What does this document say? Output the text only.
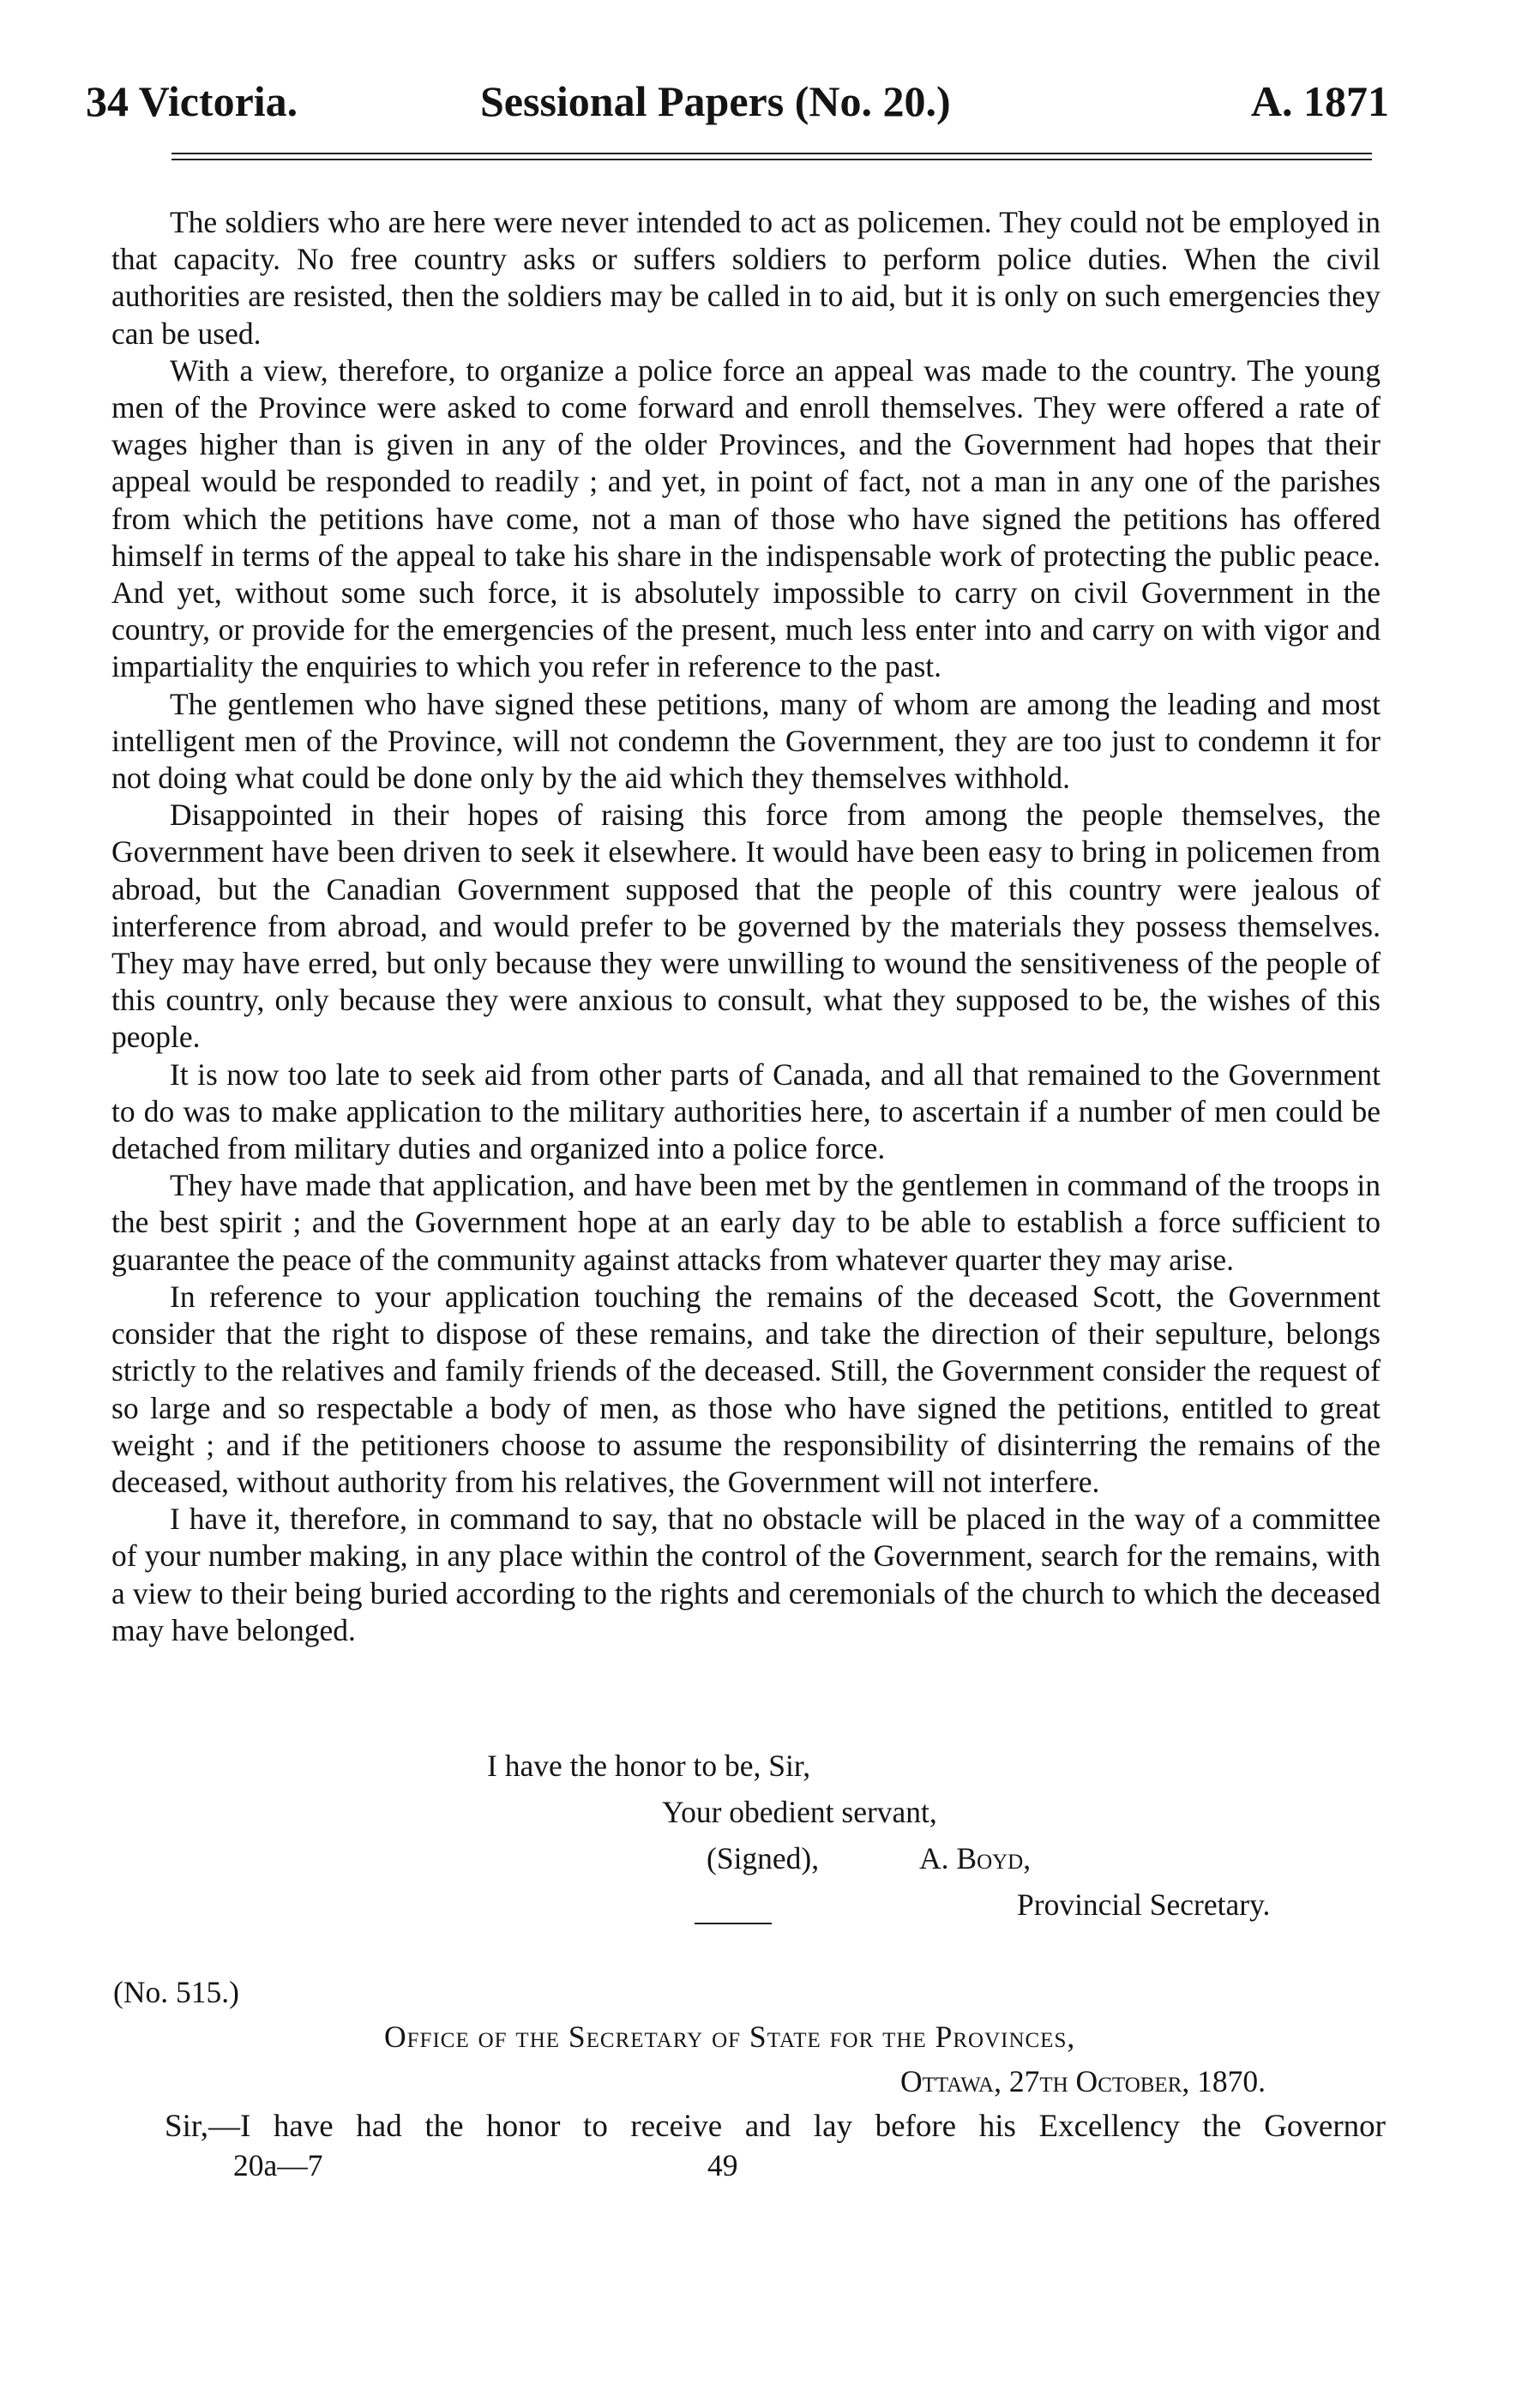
34 Victoria.	Sessional Papers (No. 20.)	A. 1871

The soldiers who are here were never intended to act as policemen. They could not be employed in that capacity. No free country asks or suffers soldiers to perform police duties. When the civil authorities are resisted, then the soldiers may be called in to aid, but it is only on such emergencies they can be used.

With a view, therefore, to organize a police force an appeal was made to the country. The young men of the Province were asked to come forward and enroll themselves. They were offered a rate of wages higher than is given in any of the older Provinces, and the Government had hopes that their appeal would be responded to readily ; and yet, in point of fact, not a man in any one of the parishes from which the petitions have come, not a man of those who have signed the petitions has offered himself in terms of the appeal to take his share in the indispensable work of protecting the public peace. And yet, without some such force, it is absolutely impossible to carry on civil Government in the country, or provide for the emergencies of the present, much less enter into and carry on with vigor and impartiality the enquiries to which you refer in reference to the past.

The gentlemen who have signed these petitions, many of whom are among the leading and most intelligent men of the Province, will not condemn the Government, they are too just to condemn it for not doing what could be done only by the aid which they themselves withhold.

Disappointed in their hopes of raising this force from among the people themselves, the Government have been driven to seek it elsewhere. It would have been easy to bring in policemen from abroad, but the Canadian Government supposed that the people of this country were jealous of interference from abroad, and would prefer to be governed by the materials they possess themselves. They may have erred, but only because they were unwilling to wound the sensitiveness of the people of this country, only because they were anxious to consult, what they supposed to be, the wishes of this people.

It is now too late to seek aid from other parts of Canada, and all that remained to the Government to do was to make application to the military authorities here, to ascertain if a number of men could be detached from military duties and organized into a police force.

They have made that application, and have been met by the gentlemen in command of the troops in the best spirit ; and the Government hope at an early day to be able to establish a force sufficient to guarantee the peace of the community against attacks from whatever quarter they may arise.

In reference to your application touching the remains of the deceased Scott, the Government consider that the right to dispose of these remains, and take the direction of their sepulture, belongs strictly to the relatives and family friends of the deceased. Still, the Government consider the request of so large and so respectable a body of men, as those who have signed the petitions, entitled to great weight ; and if the petitioners choose to assume the responsibility of disinterring the remains of the deceased, without authority from his relatives, the Government will not interfere.

I have it, therefore, in command to say, that no obstacle will be placed in the way of a committee of your number making, in any place within the control of the Government, search for the remains, with a view to their being buried according to the rights and ceremonials of the church to which the deceased may have belonged.

I have the honor to be, Sir,
Your obedient servant,
(Signed),	A. Boyd,
Provincial Secretary.
(No. 515.)
Office of the Secretary of State for the Provinces,
Ottawa, 27th October, 1870.
Sir,—I have had the honor to receive and lay before his Excellency the Governor
20a—7	49
